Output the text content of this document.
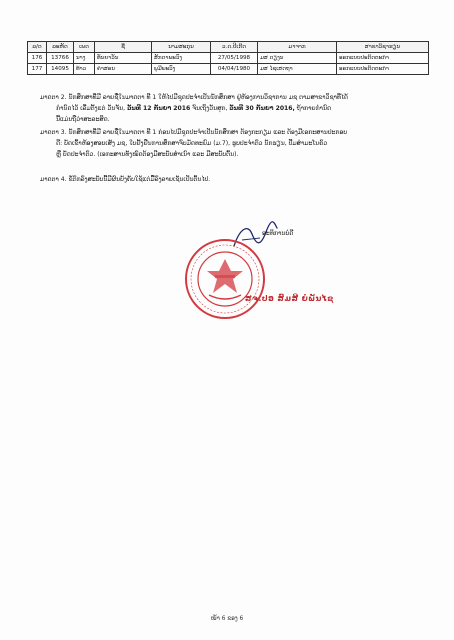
ລ/ດ	ລະຫັດ	ເພດ	ຊື່	ນາມສະກຸນ	ວ.ດ.ປີເກີດ	ມາຈາກ	ສາຂາວິຊາຮຽນ
176	13766	ນາງ	ທັນຍາວັນ	ສັກດາພະວົງ	27/05/1998	ມສ ດຽງນ	ອອກແບບປະດິດຕະກຳ
177	14095	ທ້າວ	ຄໍາສອນ	ພູມີພະວົງ	04/04/1980	ມສ ໄຊເສດຖາ	ອອກແບບປະດິດຕະກຳ
ມາດຕາ 2. ນັກສຶກສາທີ່ມີ ລາຍຊື່ໃນມາດຕາ ທີ 1 ໃຫ້ໄປມີຊຸດປະຈຳເປັນນັກສຶກສາ ຢູ່ຫ້ອງການວິຊາການ ມຊ ຕາມສາຂາວິຊາທີ່ໄດ້
ກຳນົດໄວ້ ເລີ່ມຕັ້ງແຕ່ ວັນຈັນ, ວັນທີ 12 ກັນຍາ 2016 ຈົນເຖິງວັນສຸກ, ວັນທີ 30 ກັນຍາ 2016, ຖ້າກາຍກຳນົດ
ນີ້ແມ່ນຖືວ່າສະລະສິດ.
ມາດຕາ 3. ນັກສຶກສາທີ່ມີ ລາຍຊື່ໃນມາດຕາ ທີ 1 ກ່ອນໄປມີຊຸດປະຈຳເປັນນັກສຶກສາ ຕ້ອງກະກຽມ ແລະ ຕ້ອງມີເອກະສານປະກອບ
ດີ: ບັດເຂົ້າຫ້ອງສອບເສັງ ມຊ, ໃບຢັ້ງຢືນການສຶກສາຈົບມັດທະຍົມ (ມ.7), ຮູບປະຈຳຕົວ ນັກຮຽນ, ປື້ມສຳມະໂນຄົວ
ຫຼື ບັດປະຈຳຕົວ. (ເອກະສານທັງໝົດຕ້ອງມີສະບັບສຳເນົາ ແລະ ມີສະບັບຕົ້ນ).
ມາດຕາ 4. ຂໍ້ຕົກລົງສະບັບນີ້ມີຜົນບັງຄັບໃຊ້ແຕ່ມື້ລົງລາຍເຊັນເປັນຕົ້ນໄປ.
ອະທິການບໍດີ
ສຈ.ປອ ສົມສີ ຍໍພັນໄຊ
ໜ້າ 6 ຂອງ 6
